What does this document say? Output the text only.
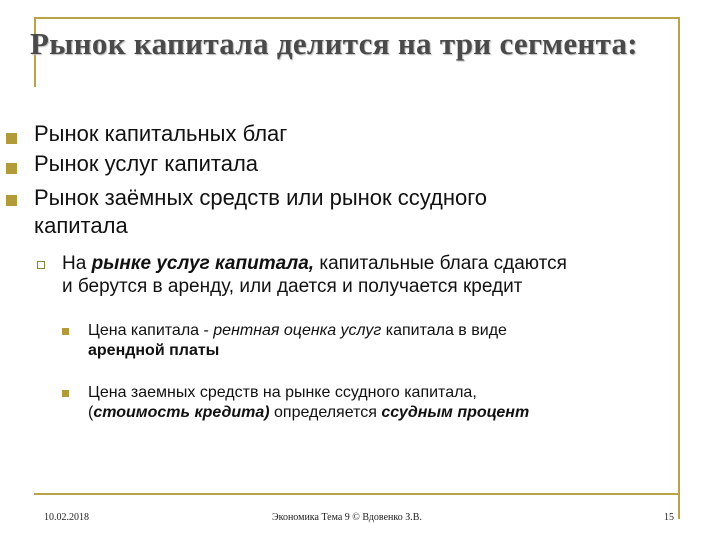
Рынок капитала делится на три сегмента:
Рынок капитальных благ
Рынок услуг капитала
Рынок заёмных средств или рынок ссудного
капитала
На рынке услуг капитала, капитальные блага сдаются
и берутся в аренду, или дается и получается кредит
Цена капитала - рентная оценка услуг капитала в виде
арендной платы
Цена заемных средств на рынке ссудного капитала,
(стоимость кредита) определяется ссудным процент
10.02.2018	Экономика Тема 9 © Вдовенко З.В.	15
